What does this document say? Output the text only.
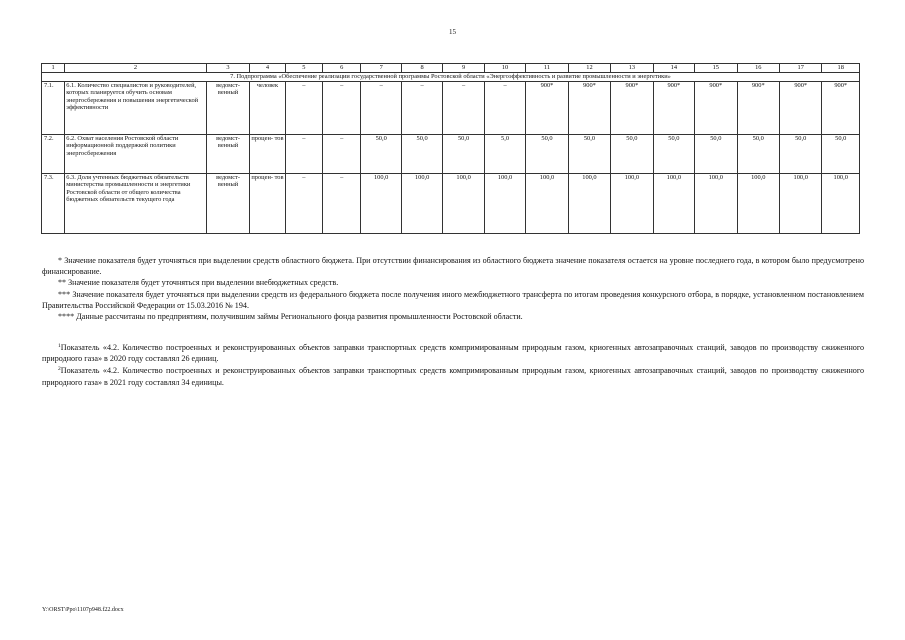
15
1	2	3	4	5	6	7	8	9	10	11	12	13	14	15	16	17	18
7. Подпрограмма «Обеспечение реализации государственной программы Ростовской области «Энергоэффективность и развитие промышленности и энергетики»																	
7.1.	6.1. Количество специалистов и руководителей, которых планируется обучить основам энергосбережения и повышения энергетической эффективности	ведомст- венный	человек	–	–	–	–	–	–	900*	900*	900*	900*	900*	900*	900*	900*
7.2.	6.2. Охват населения Ростовской области информационной поддержкой политики энергосбережения	ведомст- венный	процен- тов	–	–	50,0	50,0	50,0	5,0	50,0	50,0	50,0	50,0	50,0	50,0	50,0	50,0
7.3.	6.3. Доля учтенных бюджетных обязательств министерства промышленности и энергетики Ростовской области от общего количества бюджетных обязательств текущего года	ведомст- венный	процен- тов	–	–	100,0	100,0	100,0	100,0	100,0	100,0	100,0	100,0	100,0	100,0	100,0	100,0

* Значение показателя будет уточняться при выделении средств областного бюджета. При отсутствии финансирования из областного бюджета значение показателя остается на уровне последнего года, в котором было предусмотрено финансирование.

** Значение показателя будет уточняться при выделении внебюджетных средств.

*** Значение показателя будет уточняться при выделении средств из федерального бюджета после получения иного межбюджетного трансферта по итогам проведения конкурсного отбора, в порядке, установленном постановлением Правительства Российской Федерации от 15.03.2016 № 194.

**** Данные рассчитаны по предприятиям, получившим займы Регионального фонда развития промышленности Ростовской области.

$^1$Показатель «4.2. Количество построенных и реконструированных объектов заправки транспортных средств компримированным природным газом, криогенных автозаправочных станций, заводов по производству сжиженного природного газа» в 2020 году составлял 26 единиц.

$^2$Показатель «4.2. Количество построенных и реконструированных объектов заправки транспортных средств компримированным природным газом, криогенных автозаправочных станций, заводов по производству сжиженного природного газа» в 2021 году составлял 34 единицы.

Y:\ORST\Ppo\1107p948.f22.docx
